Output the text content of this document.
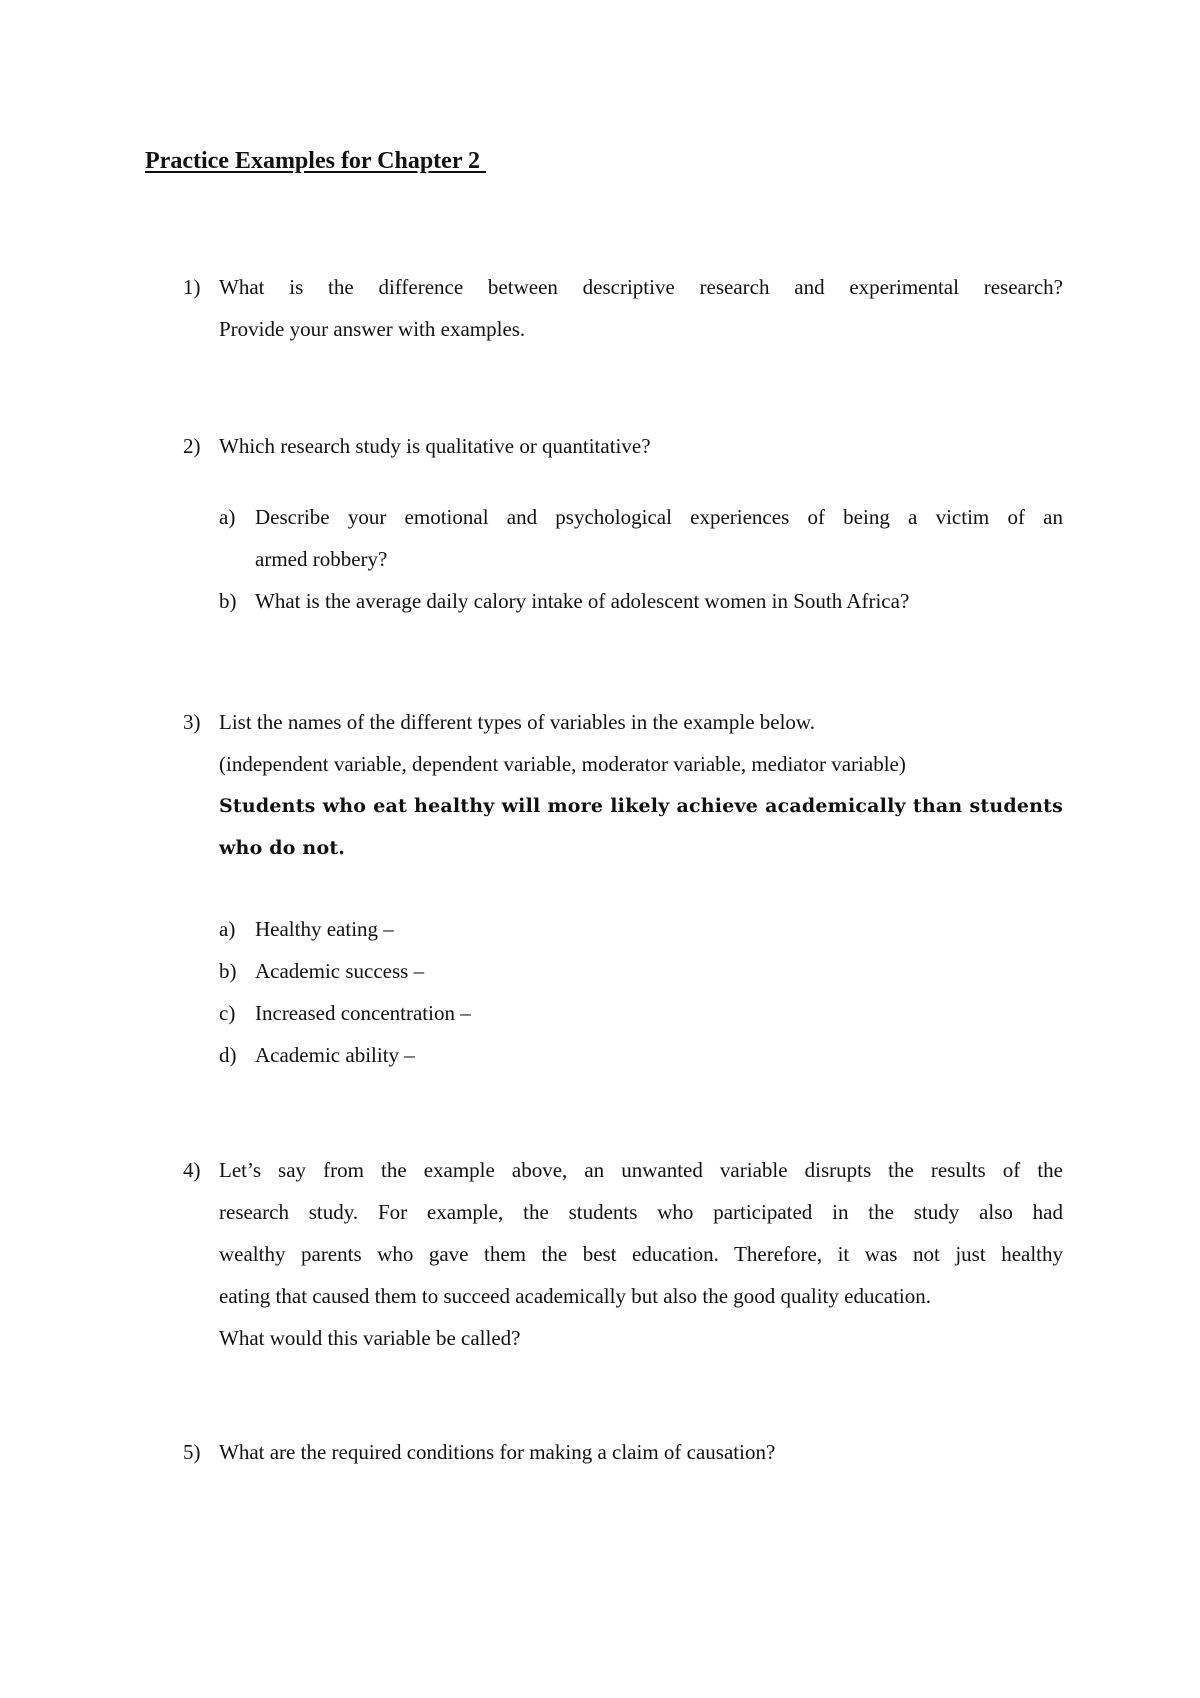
Practice Examples for Chapter 2
1) What is the difference between descriptive research and experimental research?

Provide your answer with examples.

2) Which research study is qualitative or quantitative?

a) Describe your emotional and psychological experiences of being a victim of an

armed robbery?

b) What is the average daily calory intake of adolescent women in South Africa?

3) List the names of the different types of variables in the example below.

(independent variable, dependent variable, moderator variable, mediator variable)

Students who eat healthy will more likely achieve academically than students

who do not.

a) Healthy eating –
b) Academic success –
c) Increased concentration –
d) Academic ability –
4) Let’s say from the example above, an unwanted variable disrupts the results of the

research study. For example, the students who participated in the study also had

wealthy parents who gave them the best education. Therefore, it was not just healthy

eating that caused them to succeed academically but also the good quality education.

What would this variable be called?

5) What are the required conditions for making a claim of causation?
